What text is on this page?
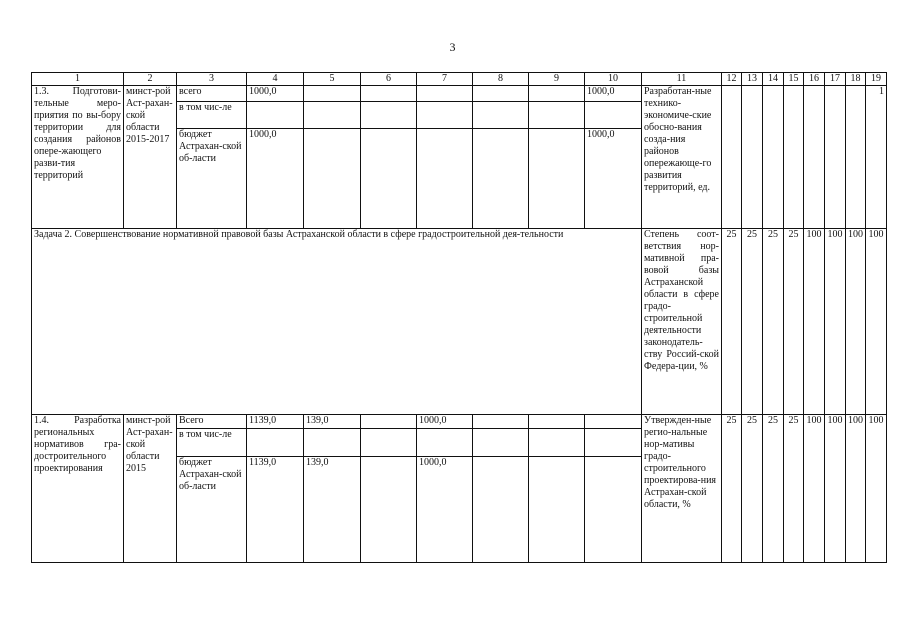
3
1	2	3	4	5	6	7	8	9	10	11	12	13	14	15	16	17	18	19
1.3. Подготови-тельные меро-приятия по вы-бору территории для создания районов опере-жающего разви-тия территорий	минст-рой Аст-рахан-ской области 2015-2017	всего	1000,0						1000,0	Разработан-ные технико-экономиче-ские обосно-вания созда-ния районов опережающе-го развития территорий, ед.								1
		в том чис-ле																
		бюджет Астрахан-ской об-ласти	1000,0						1000,0									
Задача 2. Совершенствование нормативной правовой базы Астраханской области в сфере градостроительной дея-тельности										Степень соот-ветствия нор-мативной пра-вовой базы Астраханской области в сфере градо-строительной деятельности законодатель-ству Россий-ской Федера-ции, %	25	25	25	25	100	100	100	100
1.4. Разработка региональных нормативов гра-достроительного проектирования	минст-рой Аст-рахан-ской области 2015	Всего	1139,0	139,0		1000,0				Утвержден-ные регио-нальные нор-мативы градо-строительного проектирова-ния Астрахан-ской области, %	25	25	25	25	100	100	100	100
		в том чис-ле																
		бюджет Астрахан-ской об-ласти	1139,0	139,0		1000,0												
